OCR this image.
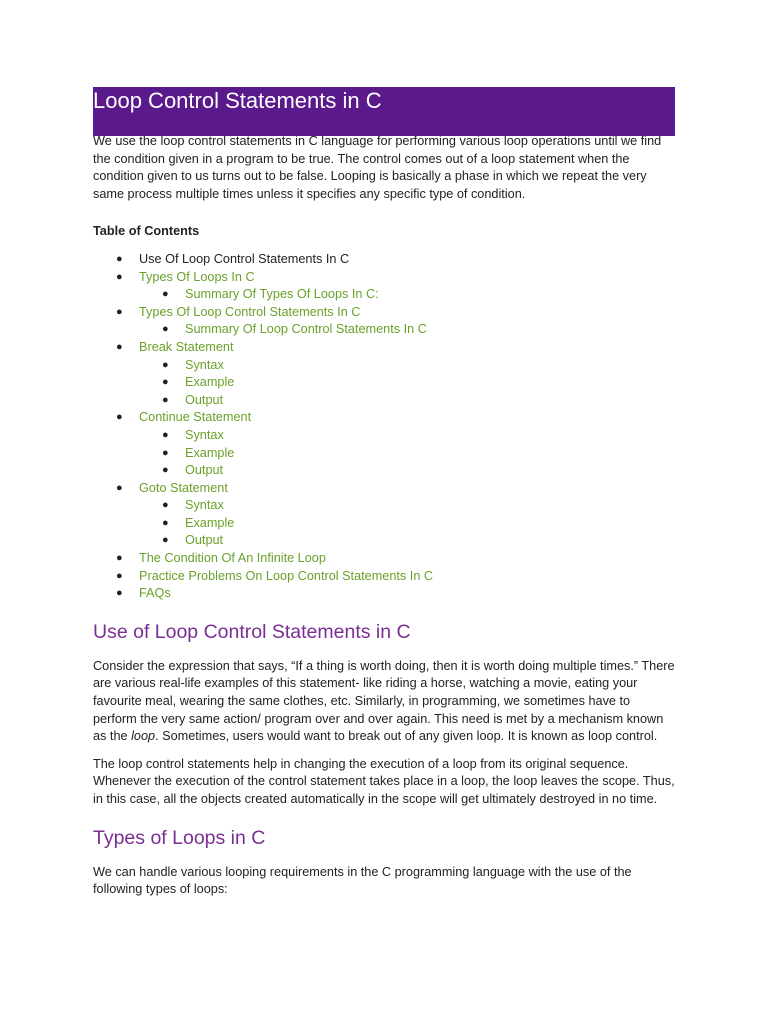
Loop Control Statements in C

We use the loop control statements in C language for performing various loop operations until we find the condition given in a program to be true. The control comes out of a loop statement when the condition given to us turns out to be false. Looping is basically a phase in which we repeat the very same process multiple times unless it specifies any specific type of condition.

Table of Contents
● Use Of Loop Control Statements In C
● Types Of Loops In C
● Summary Of Types Of Loops In C:
● Types Of Loop Control Statements In C
● Summary Of Loop Control Statements In C
● Break Statement
● Syntax
● Example
● Output
● Continue Statement
● Syntax
● Example
● Output
● Goto Statement
● Syntax
● Example
● Output
● The Condition Of An Infinite Loop
● Practice Problems On Loop Control Statements In C
● FAQs
Use of Loop Control Statements in C

Consider the expression that says, “If a thing is worth doing, then it is worth doing multiple times.” There are various real-life examples of this statement- like riding a horse, watching a movie, eating your favourite meal, wearing the same clothes, etc. Similarly, in programming, we sometimes have to perform the very same action/ program over and over again. This need is met by a mechanism known as the loop. Sometimes, users would want to break out of any given loop. It is known as loop control.

The loop control statements help in changing the execution of a loop from its original sequence. Whenever the execution of the control statement takes place in a loop, the loop leaves the scope. Thus, in this case, all the objects created automatically in the scope will get ultimately destroyed in no time.

Types of Loops in C

We can handle various looping requirements in the C programming language with the use of the following types of loops:
